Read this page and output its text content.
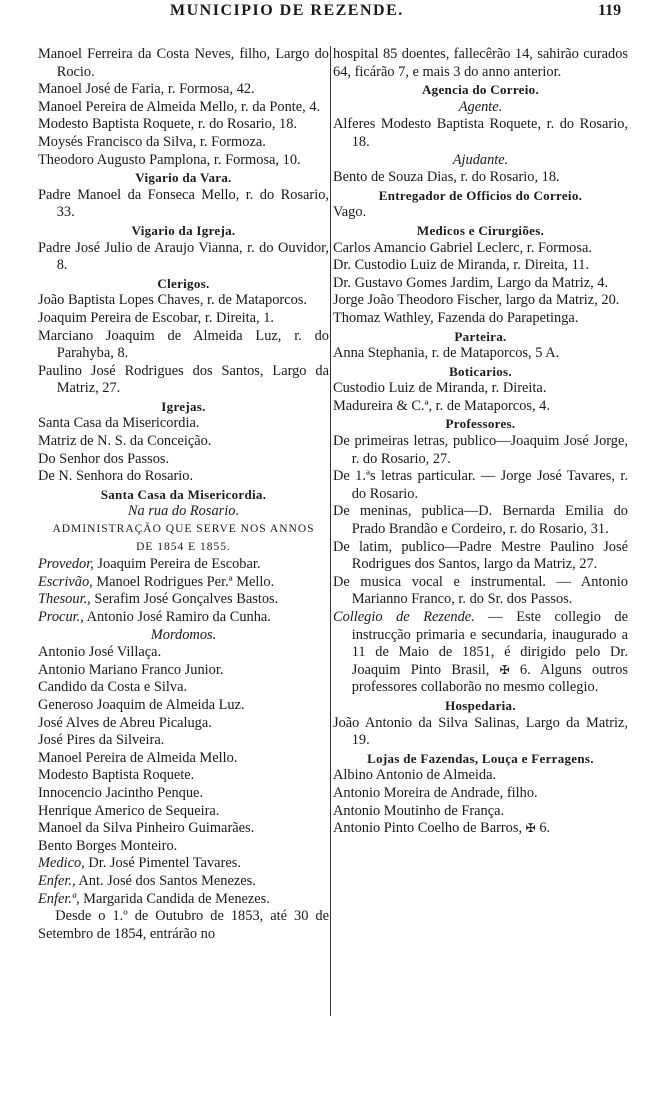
MUNICIPIO DE REZENDE.	119

Manoel Ferreira da Costa Neves, filho, Largo do Rocio.

Manoel José de Faria, r. Formosa, 42.

Manoel Pereira de Almeida Mello, r. da Ponte, 4.

Modesto Baptista Roquete, r. do Rosario, 18.

Moysés Francisco da Silva, r. Formoza.

Theodoro Augusto Pamplona, r. Formosa, 10.

Vigario da Vara.

Padre Manoel da Fonseca Mello, r. do Rosario, 33.

Vigario da Igreja.

Padre José Julio de Araujo Vianna, r. do Ouvidor, 8.

Clerigos.

João Baptista Lopes Chaves, r. de Mataporcos.

Joaquim Pereira de Escobar, r. Direita, 1.

Marciano Joaquim de Almeida Luz, r. do Parahyba, 8.

Paulino José Rodrigues dos Santos, Largo da Matriz, 27.

Igrejas.

Santa Casa da Misericordia.

Matriz de N. S. da Conceição.

Do Senhor dos Passos.

De N. Senhora do Rosario.

Santa Casa da Misericordia.

Na rua do Rosario.

ADMINISTRAÇÃO QUE SERVE NOS ANNOS

DE 1854 E 1855.

Provedor, Joaquim Pereira de Escobar.

Escrivão, Manoel Rodrigues Per.ª Mello.

Thesour., Serafim José Gonçalves Bastos.

Procur., Antonio José Ramiro da Cunha.

Mordomos.

Antonio José Villaça.

Antonio Mariano Franco Junior.

Candido da Costa e Silva.

Generoso Joaquim de Almeida Luz.

José Alves de Abreu Picaluga.

José Pires da Silveira.

Manoel Pereira de Almeida Mello.

Modesto Baptista Roquete.

Innocencio Jacintho Penque.

Henrique Americo de Sequeira.

Manoel da Silva Pinheiro Guimarães.

Bento Borges Monteiro.

Medico, Dr. José Pimentel Tavares.

Enfer., Ant. José dos Santos Menezes.

Enfer.ª, Margarida Candida de Menezes.

Desde o 1.º de Outubro de 1853, até 30 de Setembro de 1854, entrárão no

hospital 85 doentes, fallecêrão 14, sahirão curados 64, ficárão 7, e mais 3 do anno anterior.

Agencia do Correio.

Agente.

Alferes Modesto Baptista Roquete, r. do Rosario, 18.

Ajudante.

Bento de Souza Dias, r. do Rosario, 18.

Entregador de Officios do Correio.

Vago.

Medicos e Cirurgiões.

Carlos Amancio Gabriel Leclerc, r. Formosa.

Dr. Custodio Luiz de Miranda, r. Direita, 11.

Dr. Gustavo Gomes Jardim, Largo da Matriz, 4.

Jorge João Theodoro Fischer, largo da Matriz, 20.

Thomaz Wathley, Fazenda do Parapetinga.

Parteira.

Anna Stephania, r. de Mataporcos, 5 A.

Boticarios.

Custodio Luiz de Miranda, r. Direita.

Madureira & C.ª, r. de Mataporcos, 4.

Professores.

De primeiras letras, publico—Joaquim José Jorge, r. do Rosario, 27.

De 1.ªs letras particular. — Jorge José Tavares, r. do Rosario.

De meninas, publica—D. Bernarda Emilia do Prado Brandão e Cordeiro, r. do Rosario, 31.

De latim, publico—Padre Mestre Paulino José Rodrigues dos Santos, largo da Matriz, 27.

De musica vocal e instrumental. — Antonio Marianno Franco, r. do Sr. dos Passos.

Collegio de Rezende. — Este collegio de instrucção primaria e secundaria, inaugurado a 11 de Maio de 1851, é dirigido pelo Dr. Joaquim Pinto Brasil, ✠ 6. Alguns outros professores collaborão no mesmo collegio.

Hospedaria.

João Antonio da Silva Salinas, Largo da Matriz, 19.

Lojas de Fazendas, Louça e Ferragens.

Albino Antonio de Almeida.

Antonio Moreira de Andrade, filho.

Antonio Moutinho de França.

Antonio Pinto Coelho de Barros, ✠ 6.
